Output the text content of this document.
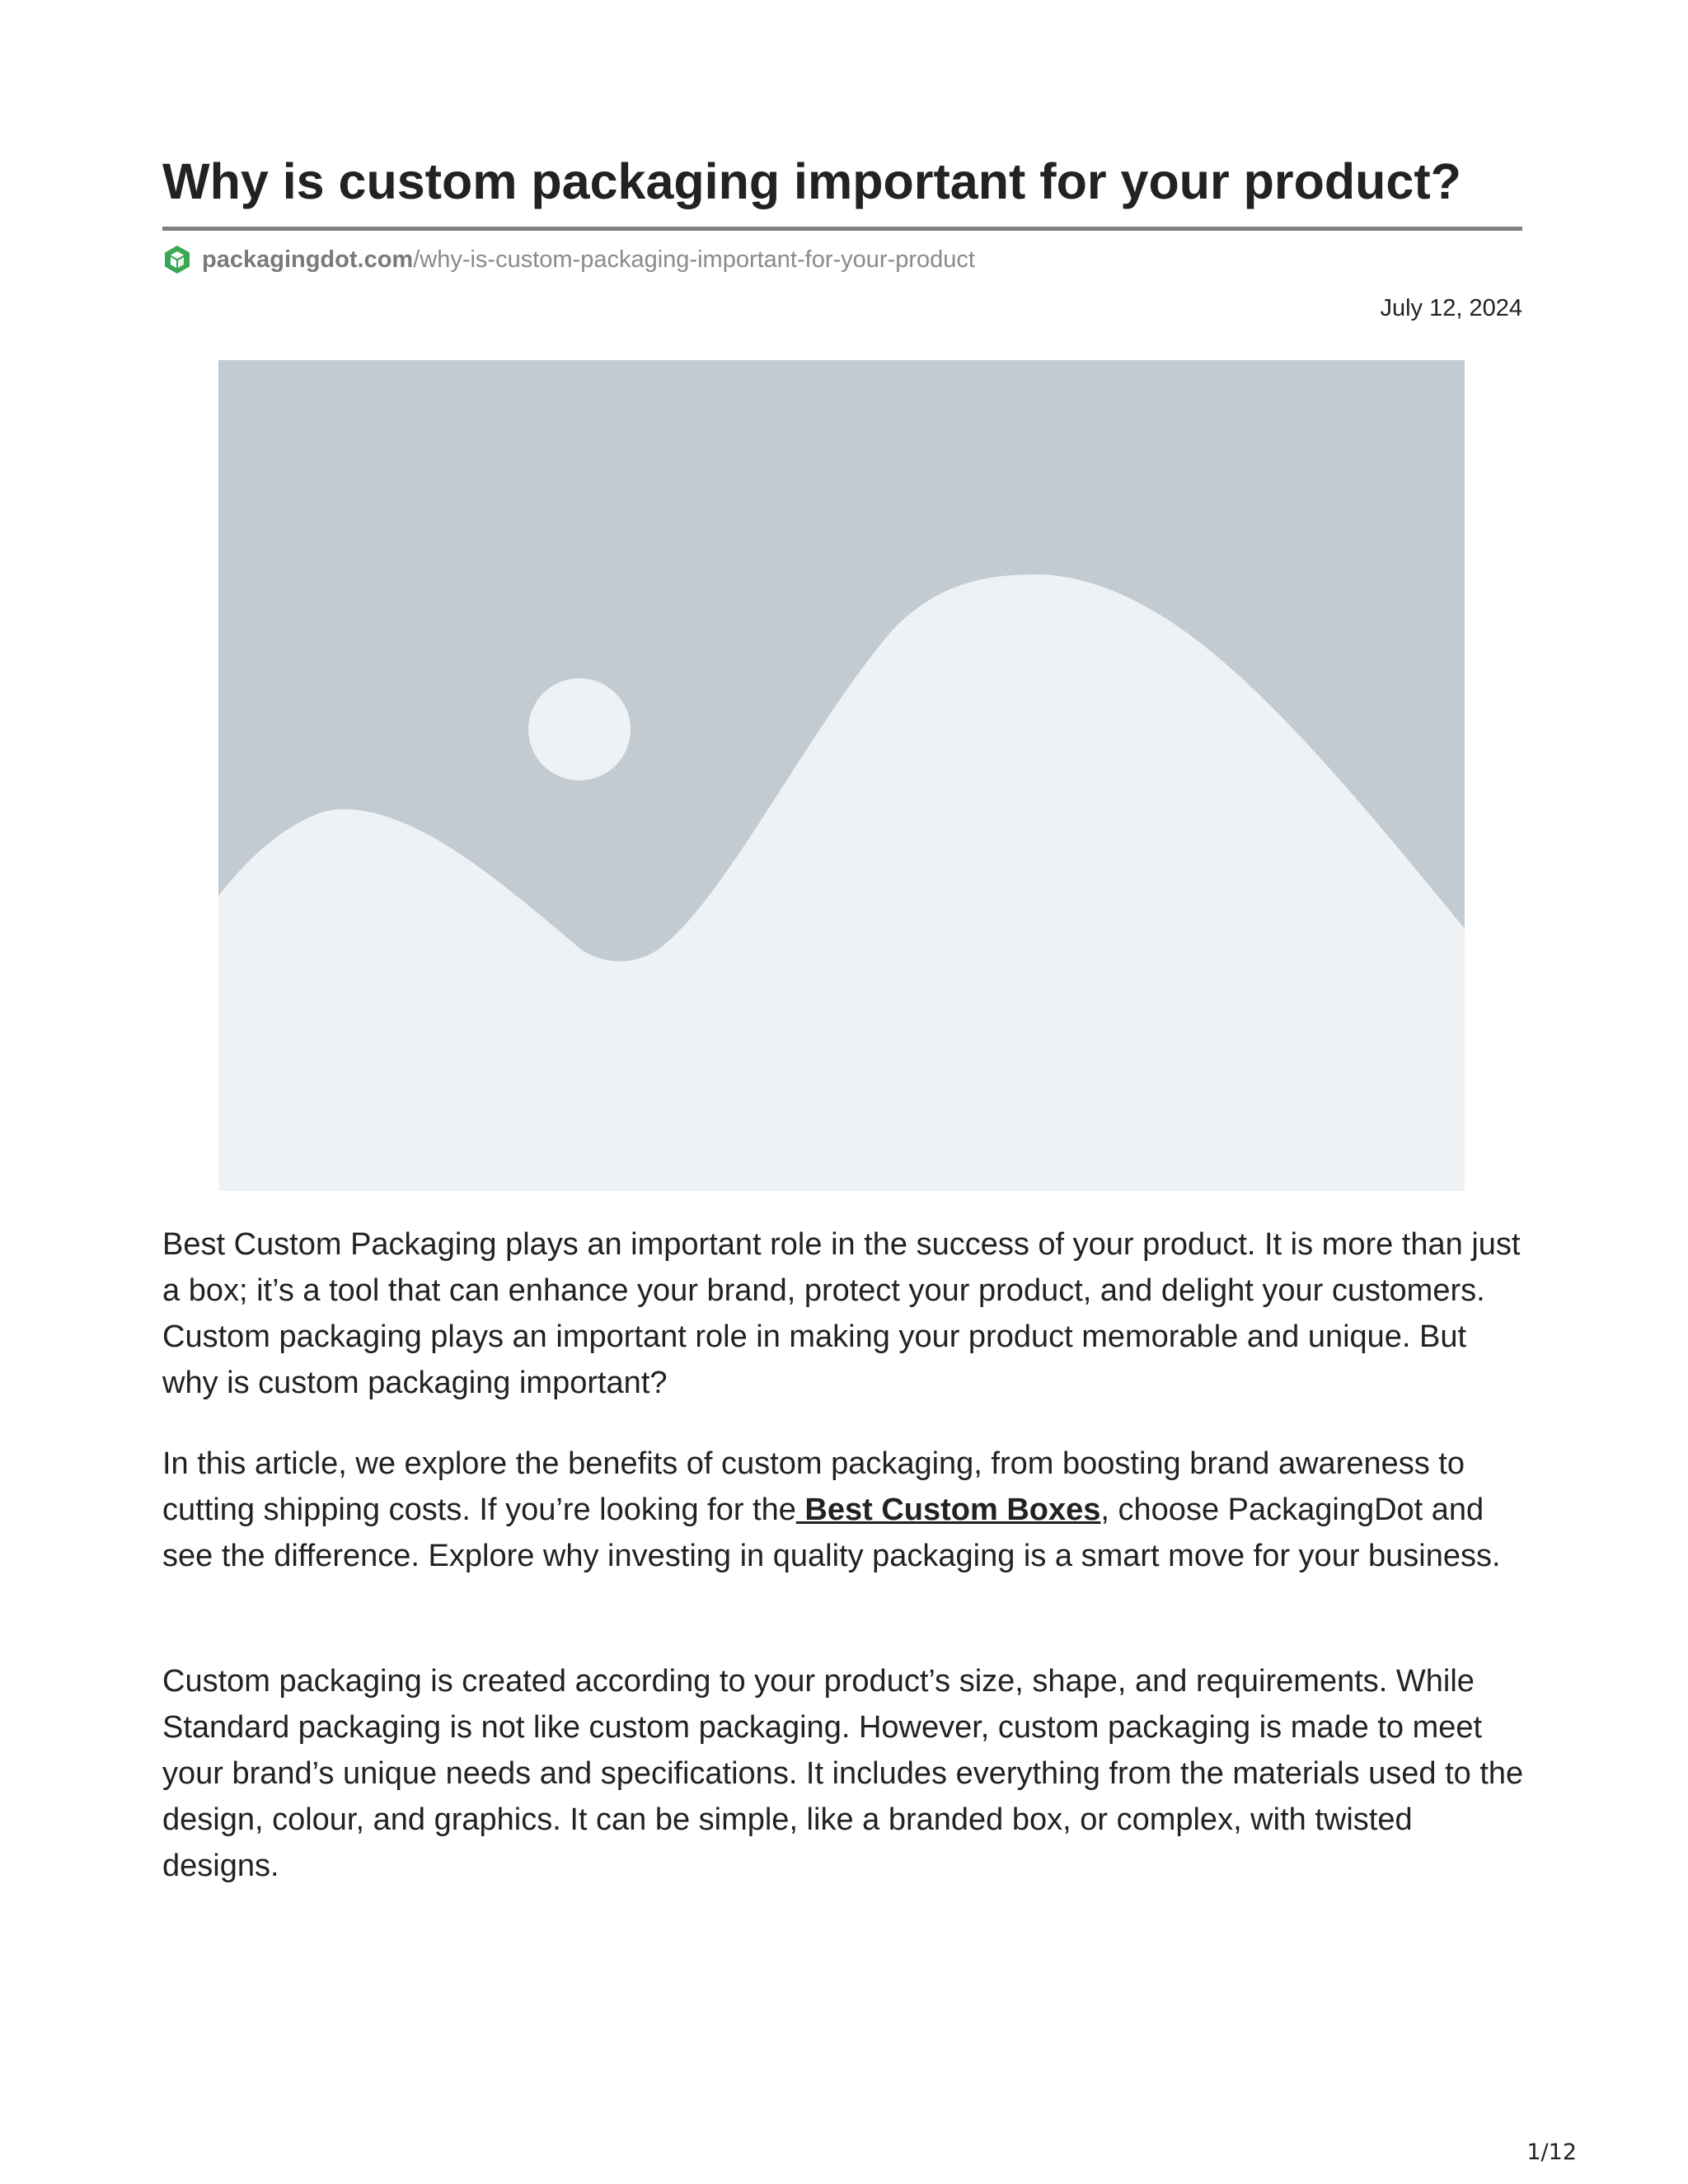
Why is custom packaging important for your product?
packagingdot.com /why-is-custom-packaging-important-for-your-product
July 12, 2024

Best Custom Packaging plays an important role in the success of your product. It is more than just a box; it’s a tool that can enhance your brand, protect your product, and delight your customers. Custom packaging plays an important role in making your product memorable and unique. But why is custom packaging important?

In this article, we explore the benefits of custom packaging, from boosting brand awareness to cutting shipping costs. If you’re looking for the Best Custom Boxes, choose PackagingDot and see the difference. Explore why investing in quality packaging is a smart move for your business.

Custom packaging is created according to your product’s size, shape, and requirements. While Standard packaging is not like custom packaging. However, custom packaging is made to meet your brand’s unique needs and specifications. It includes everything from the materials used to the design, colour, and graphics. It can be simple, like a branded box, or complex, with twisted designs.

1/12
